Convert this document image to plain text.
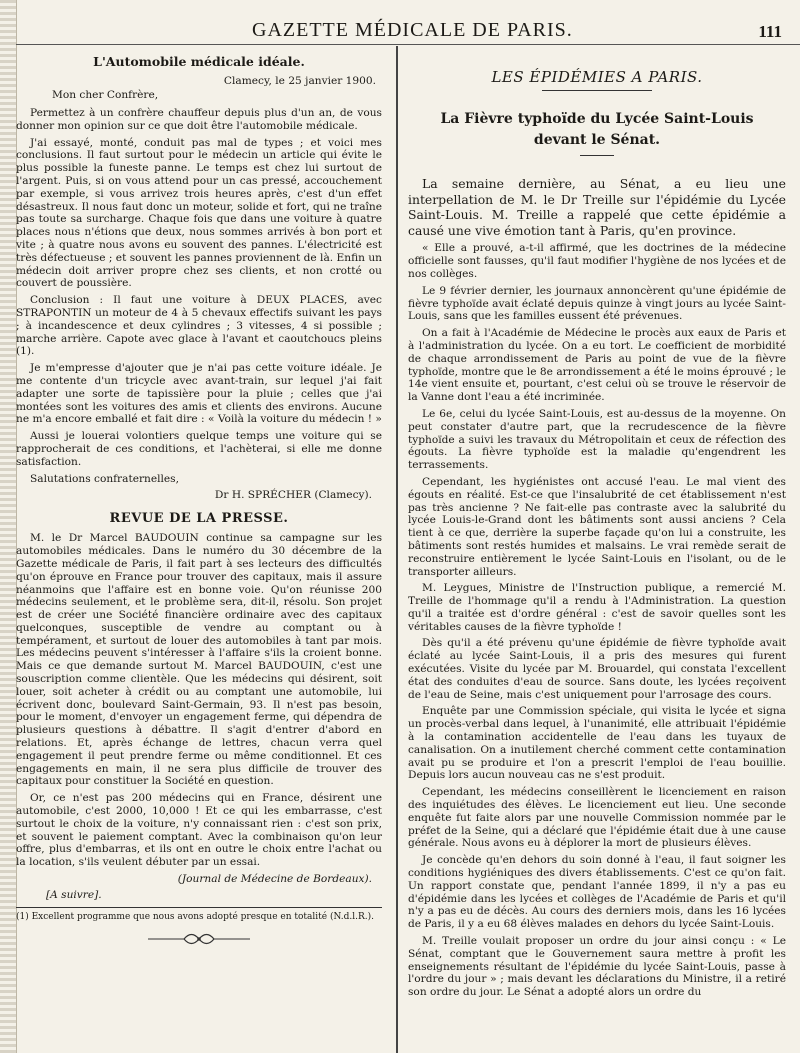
GAZETTE MÉDICALE DE PARIS.	111
L'Automobile médicale idéale.
Clamecy, le 25 janvier 1900.
Mon cher Confrère,

Permettez à un confrère chauffeur depuis plus d'un an, de vous donner mon opinion sur ce que doit être l'automobile médicale.

J'ai essayé, monté, conduit pas mal de types ; et voici mes conclusions. Il faut surtout pour le médecin un article qui évite le plus possible la funeste panne. Le temps est chez lui surtout de l'argent. Puis, si on vous attend pour un cas pressé, accouchement par exemple, si vous arrivez trois heures après, c'est d'un effet désastreux. Il nous faut donc un moteur, solide et fort, qui ne traîne pas toute sa surcharge. Chaque fois que dans une voiture à quatre places nous n'étions que deux, nous sommes arrivés à bon port et vite ; à quatre nous avons eu souvent des pannes. L'électricité est très défectueuse ; et souvent les pannes proviennent de là. Enfin un médecin doit arriver propre chez ses clients, et non crotté ou couvert de poussière.

Conclusion : Il faut une voiture à DEUX PLACES, avec STRAPONTIN un moteur de 4 à 5 chevaux effectifs suivant les pays ; à incandescence et deux cylindres ; 3 vitesses, 4 si possible ; marche arrière. Capote avec glace à l'avant et caoutchoucs pleins (1).

Je m'empresse d'ajouter que je n'ai pas cette voiture idéale. Je me contente d'un tricycle avec avant-train, sur lequel j'ai fait adapter une sorte de tapissière pour la pluie ; celles que j'ai montées sont les voitures des amis et clients des environs. Aucune ne m'a encore emballé et fait dire : « Voilà la voiture du médecin ! »

Aussi je louerai volontiers quelque temps une voiture qui se rapprocherait de ces conditions, et l'achèterai, si elle me donne satisfaction.

Salutations confraternelles,

Dr H. SPRÉCHER (Clamecy).
REVUE DE LA PRESSE.

M. le Dr Marcel BAUDOUIN continue sa campagne sur les automobiles médicales. Dans le numéro du 30 décembre de la Gazette médicale de Paris, il fait part à ses lecteurs des difficultés qu'on éprouve en France pour trouver des capitaux, mais il assure néanmoins que l'affaire est en bonne voie. Qu'on réunisse 200 médecins seulement, et le problème sera, dit-il, résolu. Son projet est de créer une Société financière ordinaire avec des capitaux quelconques, susceptible de vendre au comptant ou à tempérament, et surtout de louer des automobiles à tant par mois. Les médecins peuvent s'intéresser à l'affaire s'ils la croient bonne. Mais ce que demande surtout M. Marcel BAUDOUIN, c'est une souscription comme clientèle. Que les médecins qui désirent, soit louer, soit acheter à crédit ou au comptant une automobile, lui écrivent donc, boulevard Saint-Germain, 93. Il n'est pas besoin, pour le moment, d'envoyer un engagement ferme, qui dépendra de plusieurs questions à débattre. Il s'agit d'entrer d'abord en relations. Et, après échange de lettres, chacun verra quel engagement il peut prendre ferme ou même conditionnel. Et ces engagements en main, il ne sera plus difficile de trouver des capitaux pour constituer la Société en question.

Or, ce n'est pas 200 médecins qui en France, désirent une automobile, c'est 2000, 10,000 ! Et ce qui les embarrasse, c'est surtout le choix de la voiture, n'y connaissant rien : c'est son prix, et souvent le paiement comptant. Avec la combinaison qu'on leur offre, plus d'embarras, et ils ont en outre le choix entre l'achat ou la location, s'ils veulent débuter par un essai.

(Journal de Médecine de Bordeaux).
[A suivre].
(1) Excellent programme que nous avons adopté presque en totalité (N.d.l.R.).
LES ÉPIDÉMIES A PARIS.
La Fièvre typhoïde du Lycée Saint-Louis
devant le Sénat.

La semaine dernière, au Sénat, a eu lieu une interpellation de M. le Dr Treille sur l'épidémie du Lycée Saint-Louis. M. Treille a rappelé que cette épidémie a causé une vive émotion tant à Paris, qu'en province.

« Elle a prouvé, a-t-il affirmé, que les doctrines de la médecine officielle sont fausses, qu'il faut modifier l'hygiène de nos lycées et de nos collèges.

Le 9 février dernier, les journaux annoncèrent qu'une épidémie de fièvre typhoïde avait éclaté depuis quinze à vingt jours au lycée Saint-Louis, sans que les familles eussent été prévenues.

On a fait à l'Académie de Médecine le procès aux eaux de Paris et à l'administration du lycée. On a eu tort. Le coefficient de morbidité de chaque arrondissement de Paris au point de vue de la fièvre typhoïde, montre que le 8e arrondissement a été le moins éprouvé ; le 14e vient ensuite et, pourtant, c'est celui où se trouve le réservoir de la Vanne dont l'eau a été incriminée.

Le 6e, celui du lycée Saint-Louis, est au-dessus de la moyenne. On peut constater d'autre part, que la recrudescence de la fièvre typhoïde a suivi les travaux du Métropolitain et ceux de réfection des égouts. La fièvre typhoïde est la maladie qu'engendrent les terrassements.

Cependant, les hygiénistes ont accusé l'eau. Le mal vient des égouts en réalité. Est-ce que l'insalubrité de cet établissement n'est pas très ancienne ? Ne fait-elle pas contraste avec la salubrité du lycée Louis-le-Grand dont les bâtiments sont aussi anciens ? Cela tient à ce que, derrière la superbe façade qu'on lui a construite, les bâtiments sont restés humides et malsains. Le vrai remède serait de reconstruire entièrement le lycée Saint-Louis en l'isolant, ou de le transporter ailleurs.

M. Leygues, Ministre de l'Instruction publique, a remercié M. Treille de l'hommage qu'il a rendu à l'Administration. La question qu'il a traitée est d'ordre général : c'est de savoir quelles sont les véritables causes de la fièvre typhoïde !

Dès qu'il a été prévenu qu'une épidémie de fièvre typhoïde avait éclaté au lycée Saint-Louis, il a pris des mesures qui furent exécutées. Visite du lycée par M. Brouardel, qui constata l'excellent état des conduites d'eau de source. Sans doute, les lycées reçoivent de l'eau de Seine, mais c'est uniquement pour l'arrosage des cours.

Enquête par une Commission spéciale, qui visita le lycée et signa un procès-verbal dans lequel, à l'unanimité, elle attribuait l'épidémie à la contamination accidentelle de l'eau dans les tuyaux de canalisation. On a inutilement cherché comment cette contamination avait pu se produire et l'on a prescrit l'emploi de l'eau bouillie. Depuis lors aucun nouveau cas ne s'est produit.

Cependant, les médecins conseillèrent le licenciement en raison des inquiétudes des élèves. Le licenciement eut lieu. Une seconde enquête fut faite alors par une nouvelle Commission nommée par le préfet de la Seine, qui a déclaré que l'épidémie était due à une cause générale. Nous avons eu à déplorer la mort de plusieurs élèves.

Je concède qu'en dehors du soin donné à l'eau, il faut soigner les conditions hygiéniques des divers établissements. C'est ce qu'on fait. Un rapport constate que, pendant l'année 1899, il n'y a pas eu d'épidémie dans les lycées et collèges de l'Académie de Paris et qu'il n'y a pas eu de décès. Au cours des derniers mois, dans les 16 lycées de Paris, il y a eu 68 élèves malades en dehors du lycée Saint-Louis.

M. Treille voulait proposer un ordre du jour ainsi conçu : « Le Sénat, comptant que le Gouvernement saura mettre à profit les enseignements résultant de l'épidémie du lycée Saint-Louis, passe à l'ordre du jour » ; mais devant les déclarations du Ministre, il a retiré son ordre du jour. Le Sénat a adopté alors un ordre du
